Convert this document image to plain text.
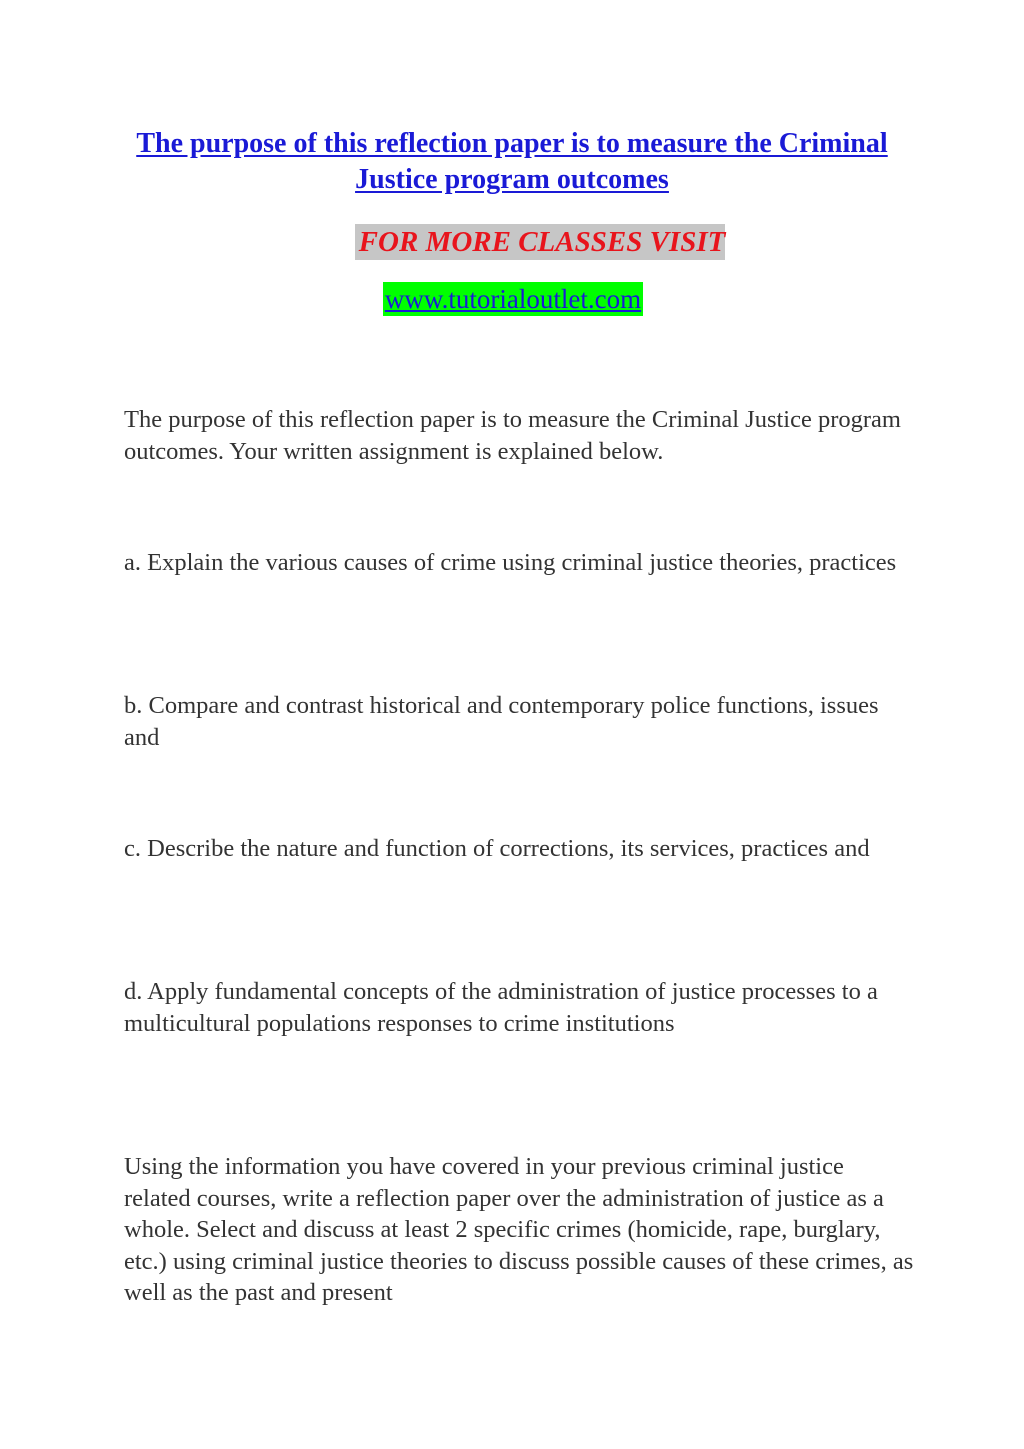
The purpose of this reflection paper is to measure the Criminal Justice program outcomes
FOR MORE CLASSES VISIT
www.tutorialoutlet.com

The purpose of this reflection paper is to measure the Criminal Justice program outcomes. Your written assignment is explained below.

a. Explain the various causes of crime using criminal justice theories, practices

b. Compare and contrast historical and contemporary police functions, issues and

c. Describe the nature and function of corrections, its services, practices and

d. Apply fundamental concepts of the administration of justice processes to a multicultural populations responses to crime institutions

Using the information you have covered in your previous criminal justice related courses, write a reflection paper over the administration of justice as a whole. Select and discuss at least 2 specific crimes (homicide, rape, burglary, etc.) using criminal justice theories to discuss possible causes of these crimes, as well as the past and present
